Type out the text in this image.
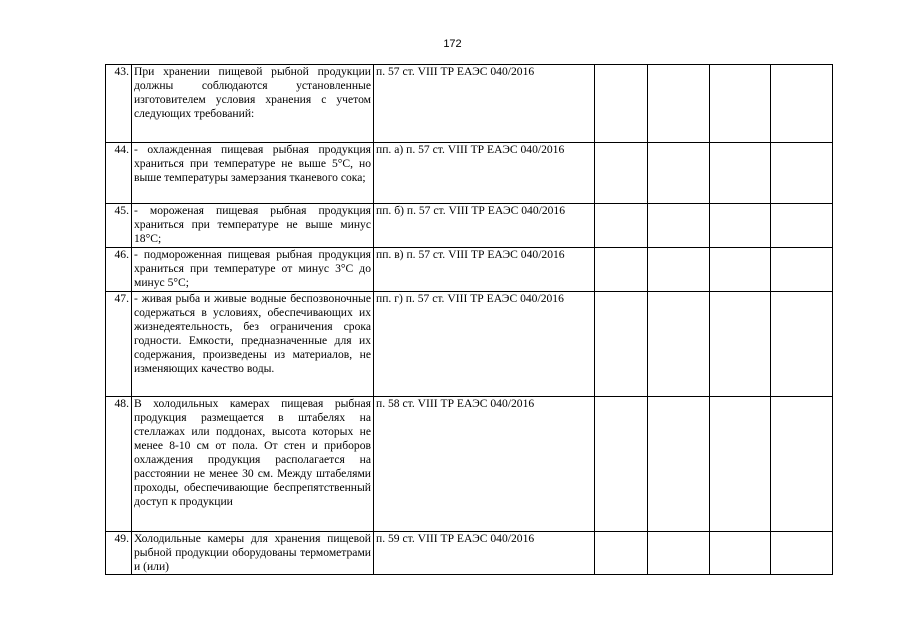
172
43.	При хранении пищевой рыбной продукции должны соблюдаются установленные изготовителем условия хранения с учетом следующих требований:	п. 57 ст. VIII ТР ЕАЭС 040/2016				
44.	- охлажденная пищевая рыбная продукция храниться при температуре не выше 5°С, но выше температуры замерзания тканевого сока;	пп. а) п. 57 ст. VIII ТР ЕАЭС 040/2016				
45.	- мороженая пищевая рыбная продукция храниться при температуре не выше минус 18°С;	пп. б) п. 57 ст. VIII ТР ЕАЭС 040/2016				
46.	- подмороженная пищевая рыбная продукция храниться при температуре от минус 3°С до минус 5°С;	пп. в) п. 57 ст. VIII ТР ЕАЭС 040/2016				
47.	- живая рыба и живые водные беспозвоночные содержаться в условиях, обеспечивающих их жизнедеятельность, без ограничения срока годности. Емкости, предназначенные для их содержания, произведены из материалов, не изменяющих качество воды.	пп. г) п. 57 ст. VIII ТР ЕАЭС 040/2016				
48.	В холодильных камерах пищевая рыбная продукция размещается в штабелях на стеллажах или поддонах, высота которых не менее 8-10 см от пола. От стен и приборов охлаждения продукция располагается на расстоянии не менее 30 см. Между штабелями проходы, обеспечивающие беспрепятственный доступ к продукции	п. 58 ст. VIII ТР ЕАЭС 040/2016				
49.	Холодильные камеры для хранения пищевой рыбной продукции оборудованы термометрами и (или)	п. 59 ст. VIII ТР ЕАЭС 040/2016				
